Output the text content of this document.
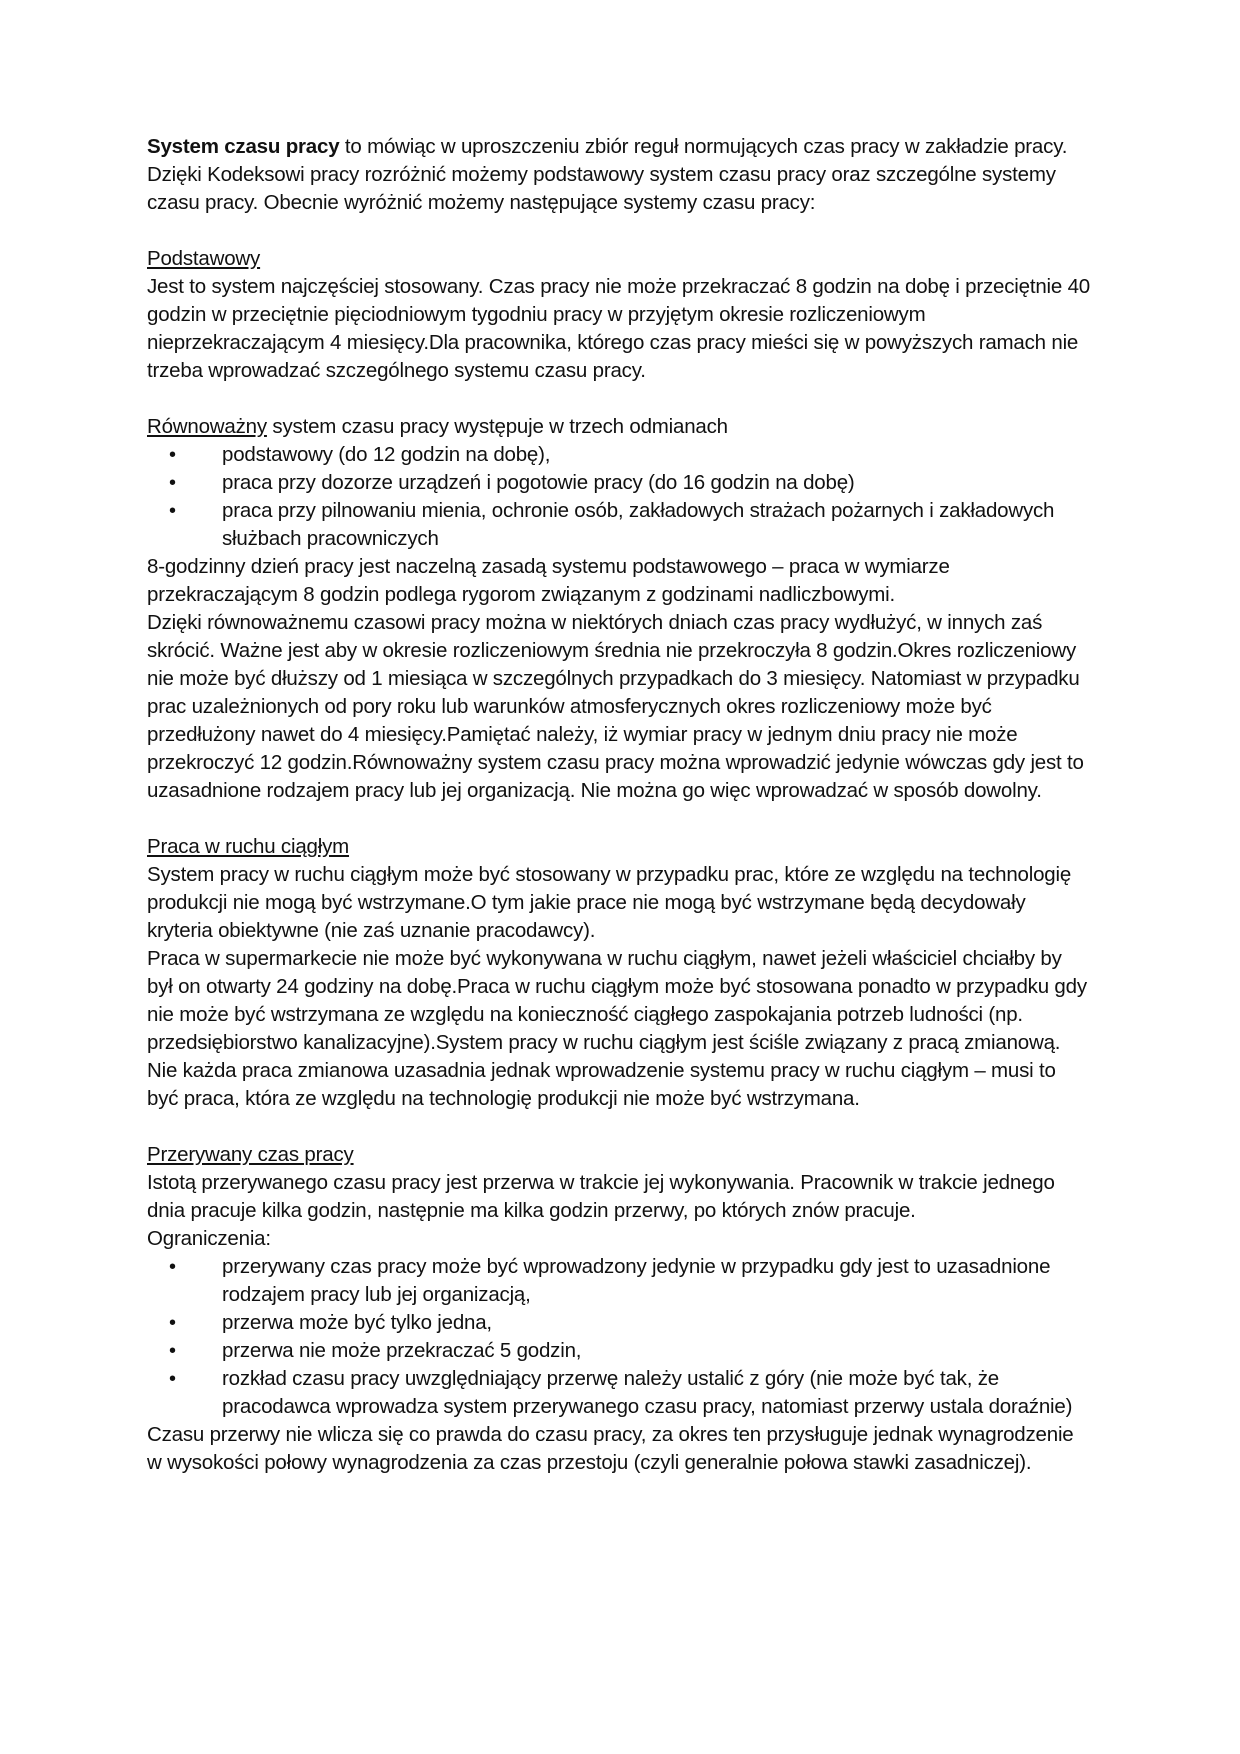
System czasu pracy to mówiąc w uproszczeniu zbiór reguł normujących czas pracy w zakładzie pracy. Dzięki Kodeksowi pracy rozróżnić możemy podstawowy system czasu pracy oraz szczególne systemy czasu pracy. Obecnie wyróżnić możemy następujące systemy czasu pracy:

Podstawowy

Jest to system najczęściej stosowany. Czas pracy nie może przekraczać 8 godzin na dobę i przeciętnie 40 godzin w przeciętnie pięciodniowym tygodniu pracy w przyjętym okresie rozliczeniowym nieprzekraczającym 4 miesięcy.Dla pracownika, którego czas pracy mieści się w powyższych ramach nie trzeba wprowadzać szczególnego systemu czasu pracy.

Równoważny system czasu pracy występuje w trzech odmianach

• podstawowy (do 12 godzin na dobę),
• praca przy dozorze urządzeń i pogotowie pracy (do 16 godzin na dobę)
• praca przy pilnowaniu mienia, ochronie osób, zakładowych strażach pożarnych i zakładowych służbach pracowniczych

8-godzinny dzień pracy jest naczelną zasadą systemu podstawowego – praca w wymiarze przekraczającym 8 godzin podlega rygorom związanym z godzinami nadliczbowymi.

Dzięki równoważnemu czasowi pracy można w niektórych dniach czas pracy wydłużyć, w innych zaś skrócić. Ważne jest aby w okresie rozliczeniowym średnia nie przekroczyła 8 godzin.Okres rozliczeniowy nie może być dłuższy od 1 miesiąca w szczególnych przypadkach do 3 miesięcy. Natomiast w przypadku prac uzależnionych od pory roku lub warunków atmosferycznych okres rozliczeniowy może być przedłużony nawet do 4 miesięcy.Pamiętać należy, iż wymiar pracy w jednym dniu pracy nie może przekroczyć 12 godzin.Równoważny system czasu pracy można wprowadzić jedynie wówczas gdy jest to uzasadnione rodzajem pracy lub jej organizacją. Nie można go więc wprowadzać w sposób dowolny.

Praca w ruchu ciągłym

System pracy w ruchu ciągłym może być stosowany w przypadku prac, które ze względu na technologię produkcji nie mogą być wstrzymane.O tym jakie prace nie mogą być wstrzymane będą decydowały kryteria obiektywne (nie zaś uznanie pracodawcy).

Praca w supermarkecie nie może być wykonywana w ruchu ciągłym, nawet jeżeli właściciel chciałby by był on otwarty 24 godziny na dobę.Praca w ruchu ciągłym może być stosowana ponadto w przypadku gdy nie może być wstrzymana ze względu na konieczność ciągłego zaspokajania potrzeb ludności (np. przedsiębiorstwo kanalizacyjne).System pracy w ruchu ciągłym jest ściśle związany z pracą zmianową. Nie każda praca zmianowa uzasadnia jednak wprowadzenie systemu pracy w ruchu ciągłym – musi to być praca, która ze względu na technologię produkcji nie może być wstrzymana.

Przerywany czas pracy

Istotą przerywanego czasu pracy jest przerwa w trakcie jej wykonywania. Pracownik w trakcie jednego dnia pracuje kilka godzin, następnie ma kilka godzin przerwy, po których znów pracuje.

Ograniczenia:

• przerywany czas pracy może być wprowadzony jedynie w przypadku gdy jest to uzasadnione rodzajem pracy lub jej organizacją,
• przerwa może być tylko jedna,
• przerwa nie może przekraczać 5 godzin,
• rozkład czasu pracy uwzględniający przerwę należy ustalić z góry (nie może być tak, że pracodawca wprowadza system przerywanego czasu pracy, natomiast przerwy ustala doraźnie)

Czasu przerwy nie wlicza się co prawda do czasu pracy, za okres ten przysługuje jednak wynagrodzenie w wysokości połowy wynagrodzenia za czas przestoju (czyli generalnie połowa stawki zasadniczej).
